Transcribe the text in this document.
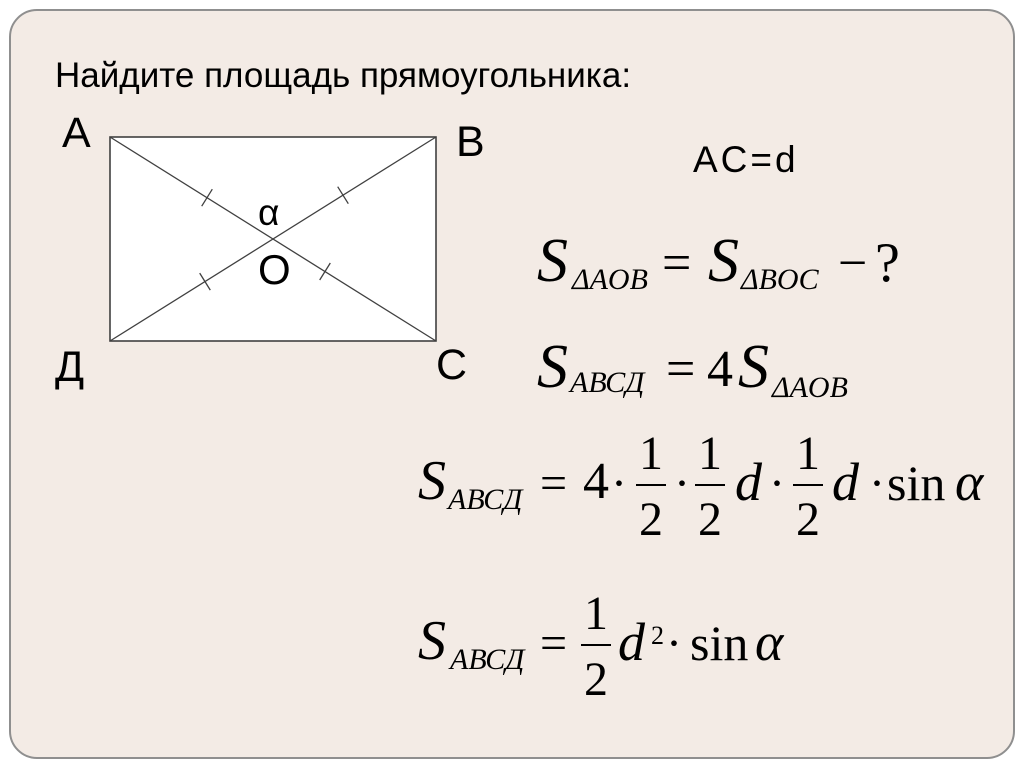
Найдите площадь прямоугольника:
А	В
С
Д
α
O
AC=d
S ΔAOB = S ΔBOC − ?
S АВСД = 4 S ΔAOB
S АВСД = 4 ·
1
2
·
1
2
d ·
1
2
d · sin α
S АВСД =
1
2
d 2 · sin α
